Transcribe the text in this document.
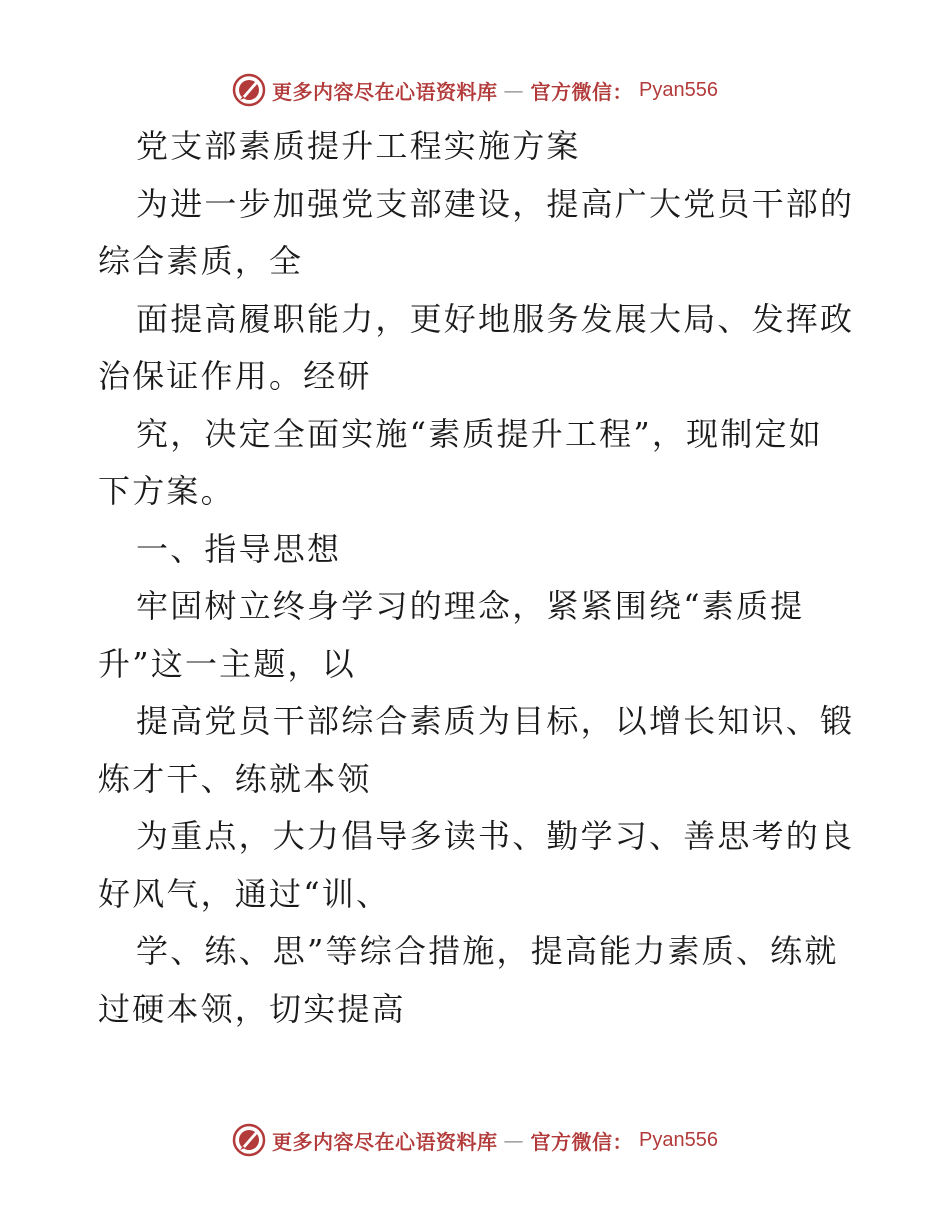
更多内容尽在心语资料库 — 官方微信： Pyan556
党支部素质提升工程实施方案
为进一步加强党支部建设，提高广大党员干部的
综合素质，全
面提高履职能力，更好地服务发展大局、发挥政
治保证作用。经研
究，决定全面实施“素质提升工程”，现制定如
下方案。
一、指导思想
牢固树立终身学习的理念，紧紧围绕“素质提
升”这一主题，以
提高党员干部综合素质为目标，以增长知识、锻
炼才干、练就本领
为重点，大力倡导多读书、勤学习、善思考的良
好风气，通过“训、
学、练、思”等综合措施，提高能力素质、练就
过硬本领，切实提高
更多内容尽在心语资料库 — 官方微信： Pyan556
